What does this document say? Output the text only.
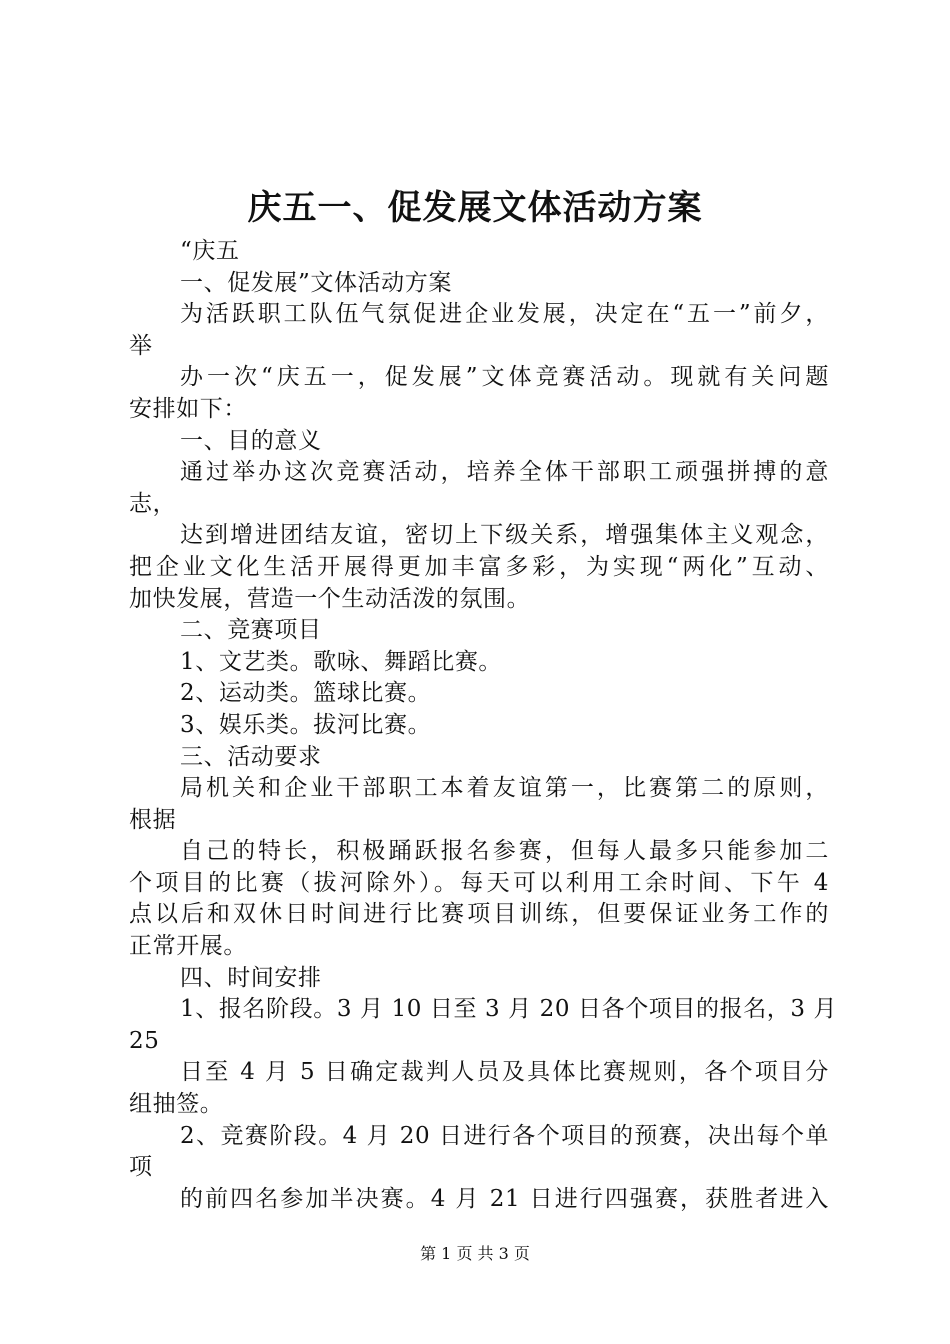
庆五一、促发展文体活动方案
“庆五
一、促发展”文体活动方案
为活跃职工队伍气氛促进企业发展，决定在“五一”前夕，
举
办一次“庆五一，促发展”文体竞赛活动。现就有关问题
安排如下：
一、目的意义
通过举办这次竞赛活动，培养全体干部职工顽强拼搏的意
志，
达到增进团结友谊，密切上下级关系，增强集体主义观念，
把企业文化生活开展得更加丰富多彩，为实现“两化”互动、
加快发展，营造一个生动活泼的氛围。
二、竞赛项目
1、文艺类。歌咏、舞蹈比赛。
2、运动类。篮球比赛。
3、娱乐类。拔河比赛。
三、活动要求
局机关和企业干部职工本着友谊第一，比赛第二的原则，
根据
自己的特长，积极踊跃报名参赛，但每人最多只能参加二
个项目的比赛（拔河除外）。每天可以利用工余时间、下午 4
点以后和双休日时间进行比赛项目训练，但要保证业务工作的
正常开展。
四、时间安排
1、报名阶段。3 月 10 日至 3 月 20 日各个项目的报名，3 月
25
日至 4 月 5 日确定裁判人员及具体比赛规则，各个项目分
组抽签。
2、竞赛阶段。4 月 20 日进行各个项目的预赛，决出每个单
项
的前四名参加半决赛。4 月 21 日进行四强赛，获胜者进入
第 1 页 共 3 页
